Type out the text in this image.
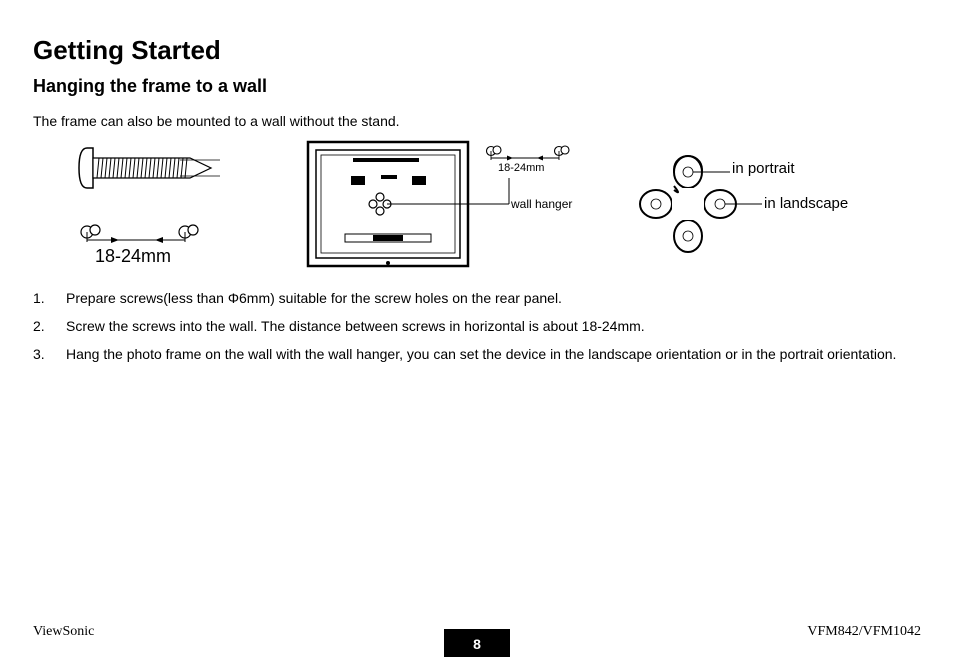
Getting Started
Hanging the frame to a wall

The frame can also be mounted to a wall without the stand.

18-24mm
18-24mm
wall hanger
in portrait
in landscape
1. Prepare screws(less than Φ6mm) suitable for the screw holes on the rear panel.
2. Screw the screws into the wall. The distance between screws in horizontal is about 18-24mm.
3. Hang the photo frame on the wall with the wall hanger, you can set the device in the landscape orientation or in the portrait orientation.
ViewSonic
8
VFM842/VFM1042
